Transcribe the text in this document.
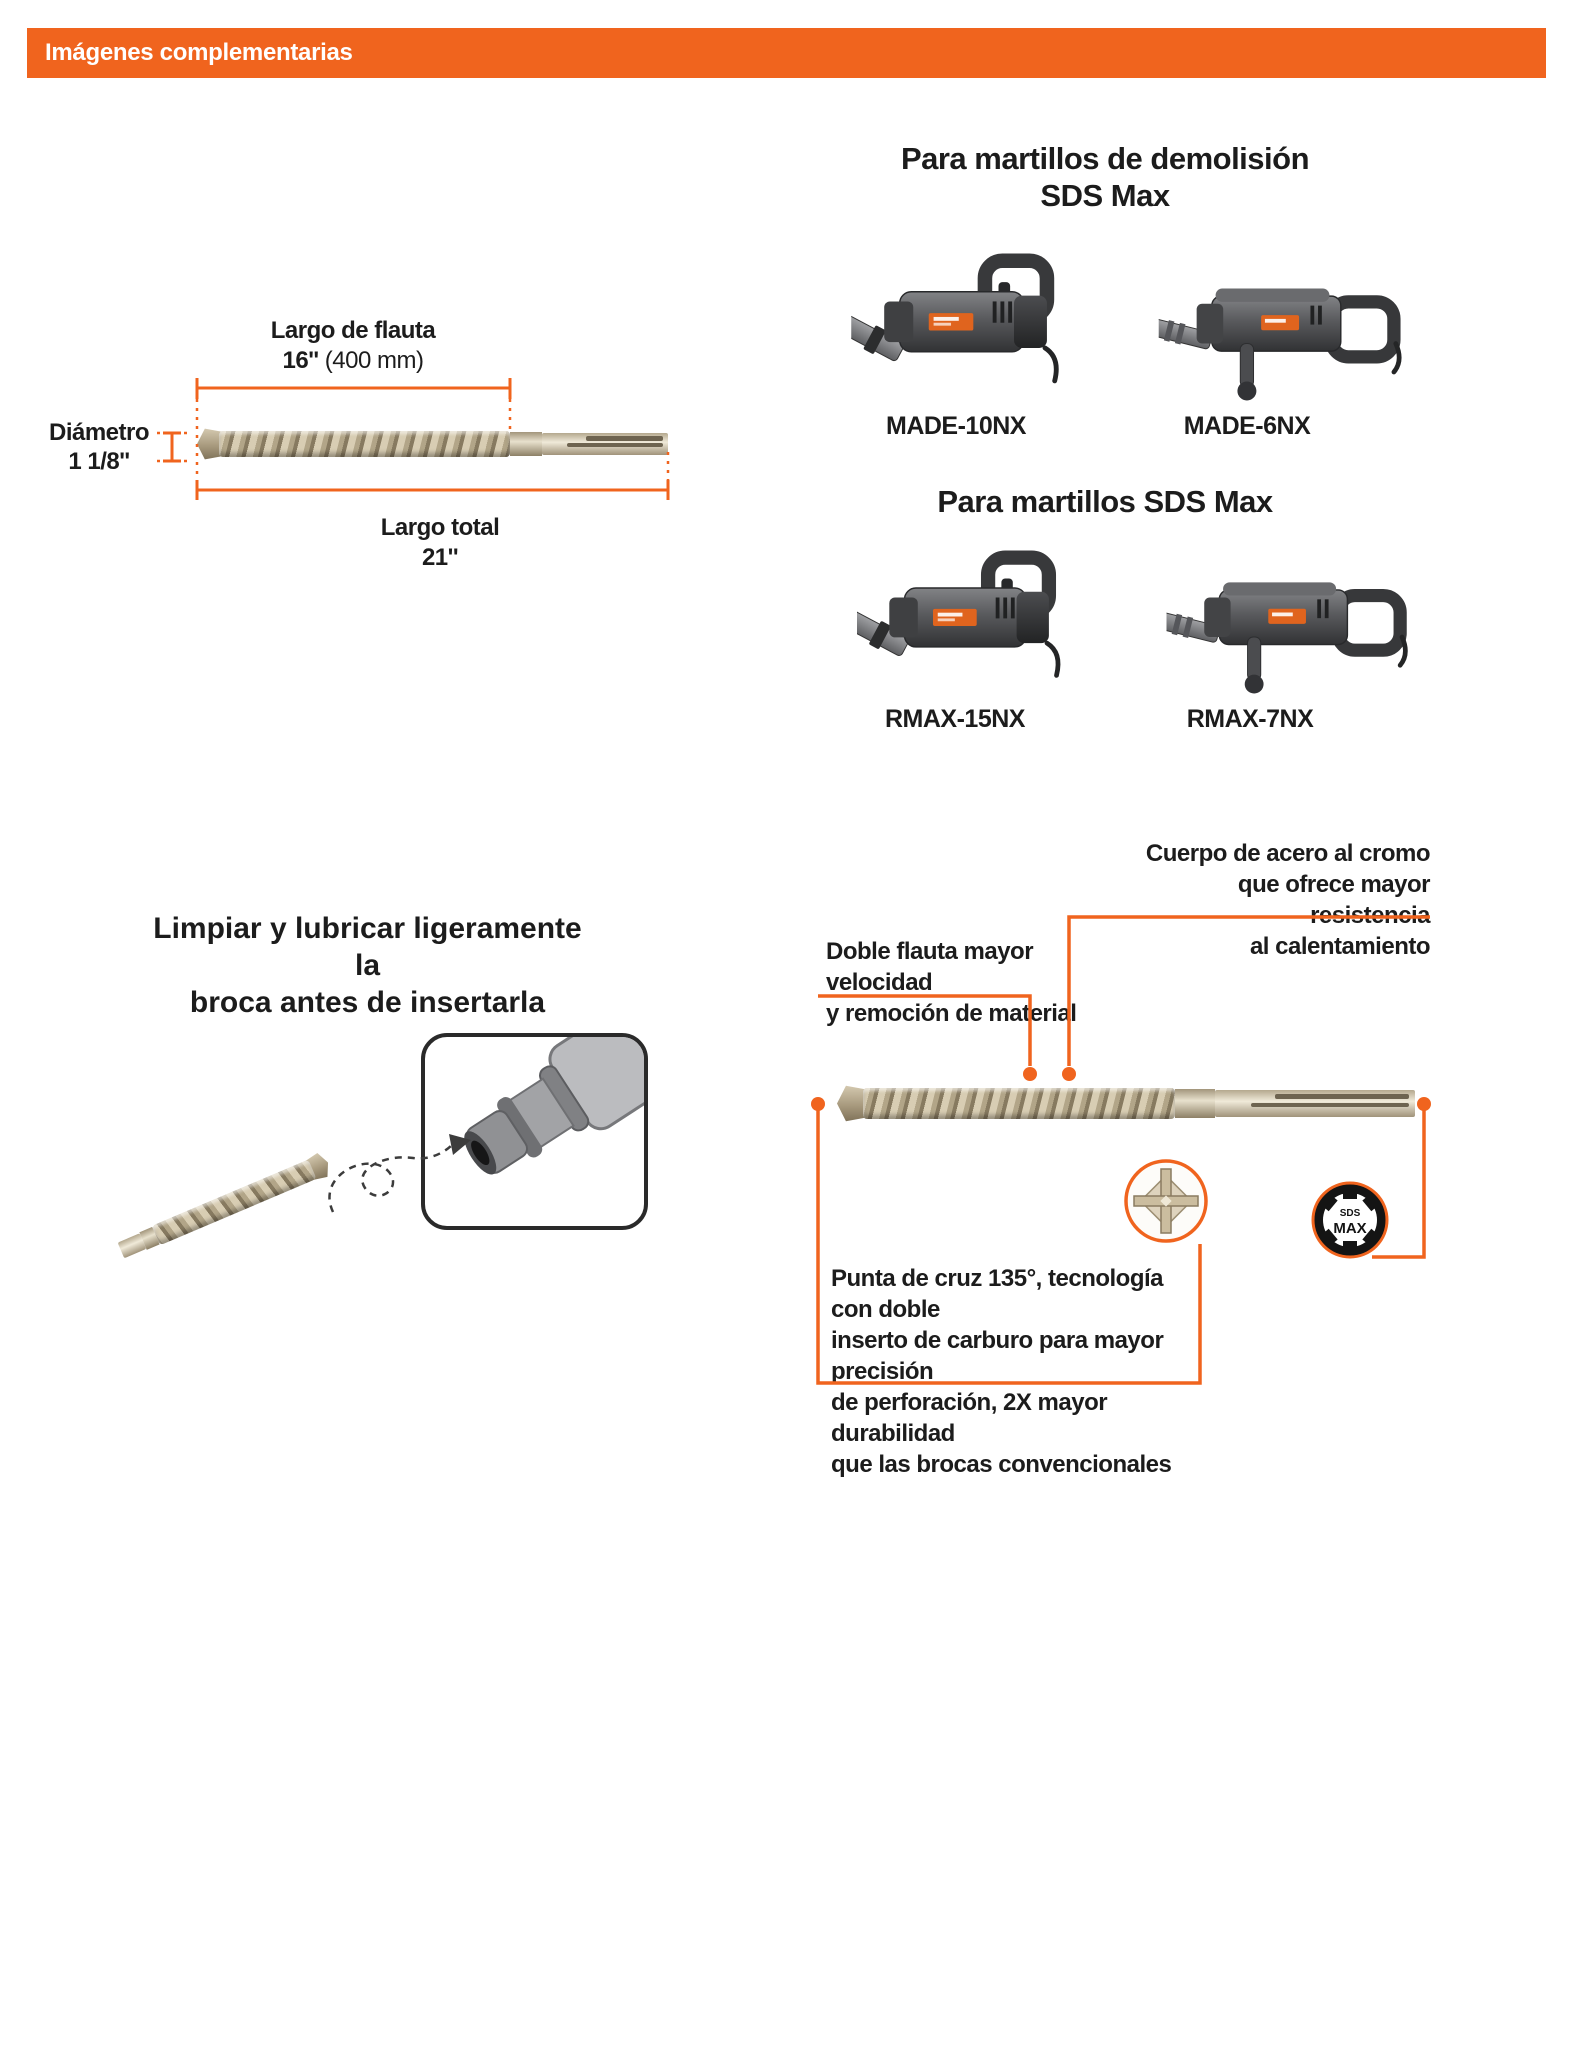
Imágenes complementarias
Largo de flauta
16'' (400 mm)
Diámetro
1 1/8''
Largo total
21''
Para martillos de demolisión
SDS Max
MADE-10NX	MADE-6NX
Para martillos SDS Max
RMAX-15NX	RMAX-7NX
Limpiar y lubricar ligeramente la
broca antes de insertarla
Cuerpo de acero al cromo
que ofrece mayor resistencia
al calentamiento
Doble flauta mayor velocidad
y remoción de material
Punta de cruz 135°, tecnología con doble
inserto de carburo para mayor precisión
de perforación, 2X mayor durabilidad
que las brocas convencionales
SDS
MAX
